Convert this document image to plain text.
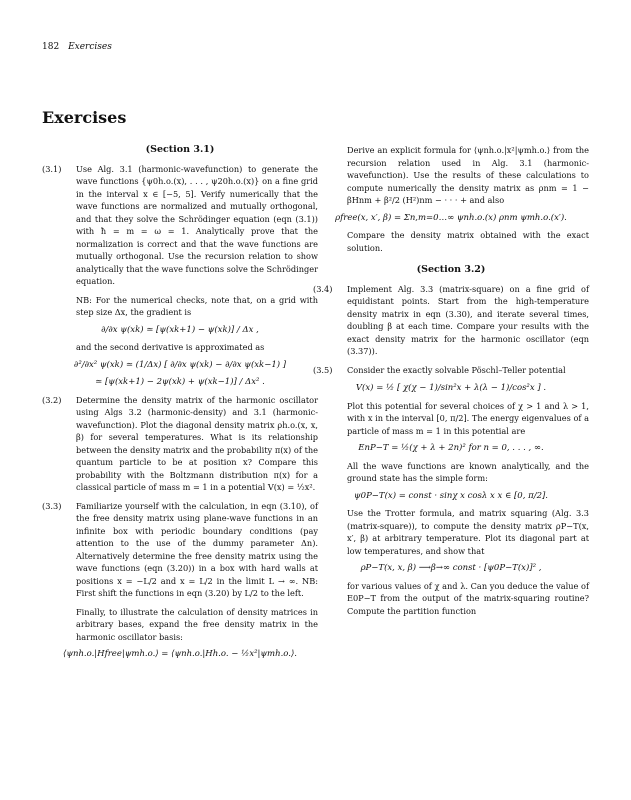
182 Exercises
Exercises
(Section 3.1)
(3.1) Use Alg. 3.1 (harmonic-wavefunction) to generate the wave functions {ψ0h.o.(x), . . . , ψ20h.o.(x)} on a fine grid in the interval x ∈ [−5, 5]. Verify numerically that the wave functions are normalized and mutually orthogonal, and that they solve the Schrödinger equation (eqn (3.1)) with ħ = m = ω = 1. Analytically prove that the normalization is correct and that the wave functions are mutually orthogonal. Use the recursion relation to show analytically that the wave functions solve the Schrödinger equation.
NB: For the numerical checks, note that, on a grid with step size Δx, the gradient is
∂/∂x ψ(xk) ≃ [ψ(xk+1) − ψ(xk)] / Δx ,
and the second derivative is approximated as
∂²/∂x² ψ(xk) ≃ (1/Δx) [ ∂/∂x ψ(xk) − ∂/∂x ψ(xk−1) ]
≃ [ψ(xk+1) − 2ψ(xk) + ψ(xk−1)] / Δx² .
(3.2) Determine the density matrix of the harmonic oscillator using Algs 3.2 (harmonic-density) and 3.1 (harmonic-wavefunction). Plot the diagonal density matrix ρh.o.(x, x, β) for several temperatures. What is its relationship between the density matrix and the probability π(x) of the quantum particle to be at position x? Compare this probability with the Boltzmann distribution π(x) for a classical particle of mass m = 1 in a potential V(x) = ½x².
(3.3) Familiarize yourself with the calculation, in eqn (3.10), of the free density matrix using plane-wave functions in an infinite box with periodic boundary conditions (pay attention to the use of the dummy parameter Δn). Alternatively determine the free density matrix using the wave functions (eqn (3.20)) in a box with hard walls at positions x = −L/2 and x = L/2 in the limit L → ∞. NB: First shift the functions in eqn (3.20) by L/2 to the left.
Finally, to illustrate the calculation of density matrices in arbitrary bases, expand the free density matrix in the harmonic oscillator basis:
⟨ψnh.o.|Hfree|ψmh.o.⟩ = ⟨ψnh.o.|Hh.o. − ½x²|ψmh.o.⟩.
Derive an explicit formula for ⟨ψnh.o.|x²|ψmh.o.⟩ from the recursion relation used in Alg. 3.1 (harmonic-wavefunction). Use the results of these calculations to compute numerically the density matrix as ρnm = 1 − βHnm + β²/2 (H²)nm − · · · + and also
ρfree(x, x′, β) = Σn,m=0…∞ ψnh.o.(x) ρnm ψmh.o.(x′).
Compare the density matrix obtained with the exact solution.
(Section 3.2)
(3.4) Implement Alg. 3.3 (matrix-square) on a fine grid of equidistant points. Start from the high-temperature density matrix in eqn (3.30), and iterate several times, doubling β at each time. Compare your results with the exact density matrix for the harmonic oscillator (eqn (3.37)).
(3.5) Consider the exactly solvable Pöschl–Teller potential
V(x) = ½ [ χ(χ − 1)/sin²x + λ(λ − 1)/cos²x ] .
Plot this potential for several choices of χ > 1 and λ > 1, with x in the interval [0, π/2]. The energy eigenvalues of a particle of mass m = 1 in this potential are
EnP−T = ½(χ + λ + 2n)² for n = 0, . . . , ∞.
All the wave functions are known analytically, and the ground state has the simple form:
ψ0P−T(x) = const · sinχ x cosλ x x ∈ [0, π/2].
Use the Trotter formula, and matrix squaring (Alg. 3.3 (matrix-square)), to compute the density matrix ρP−T(x, x′, β) at arbitrary temperature. Plot its diagonal part at low temperatures, and show that
ρP−T(x, x, β) ⟶β→∞ const · [ψ0P−T(x)]² ,
for various values of χ and λ. Can you deduce the value of E0P−T from the output of the matrix-squaring routine? Compute the partition function
